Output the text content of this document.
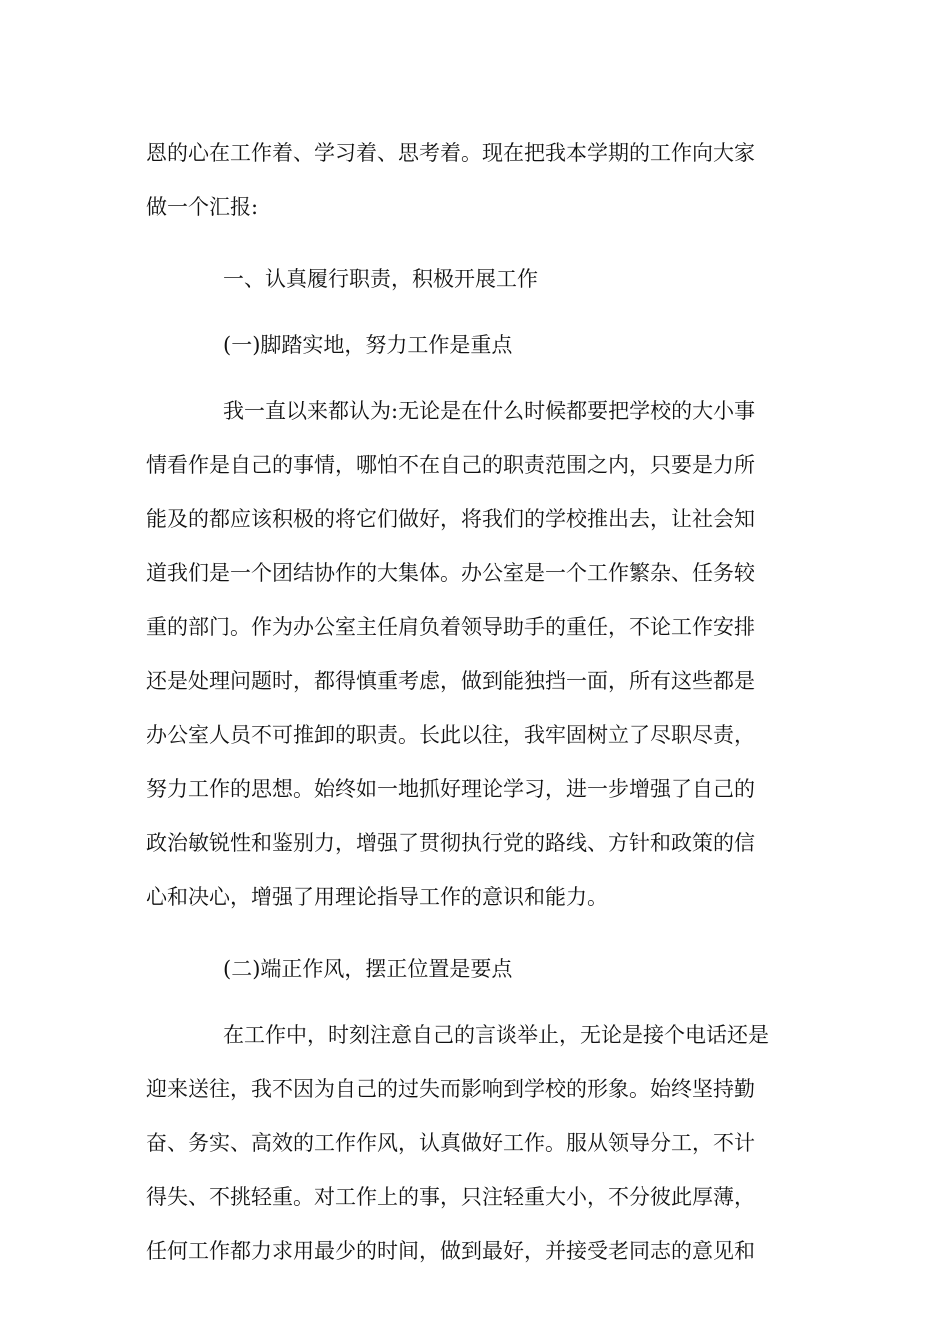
恩的心在工作着、学习着、思考着。现在把我本学期的工作向大家
做一个汇报:
一、认真履行职责，积极开展工作
(一)脚踏实地，努力工作是重点
我一直以来都认为:无论是在什么时候都要把学校的大小事
情看作是自己的事情，哪怕不在自己的职责范围之内，只要是力所
能及的都应该积极的将它们做好，将我们的学校推出去，让社会知
道我们是一个团结协作的大集体。办公室是一个工作繁杂、任务较
重的部门。作为办公室主任肩负着领导助手的重任，不论工作安排
还是处理问题时，都得慎重考虑，做到能独挡一面，所有这些都是
办公室人员不可推卸的职责。长此以往，我牢固树立了尽职尽责，
努力工作的思想。始终如一地抓好理论学习，进一步增强了自己的
政治敏锐性和鉴别力，增强了贯彻执行党的路线、方针和政策的信
心和决心，增强了用理论指导工作的意识和能力。
(二)端正作风，摆正位置是要点
在工作中，时刻注意自己的言谈举止，无论是接个电话还是
迎来送往，我不因为自己的过失而影响到学校的形象。始终坚持勤
奋、务实、高效的工作作风，认真做好工作。服从领导分工，不计
得失、不挑轻重。对工作上的事，只注轻重大小，不分彼此厚薄，
任何工作都力求用最少的时间，做到最好，并接受老同志的意见和
